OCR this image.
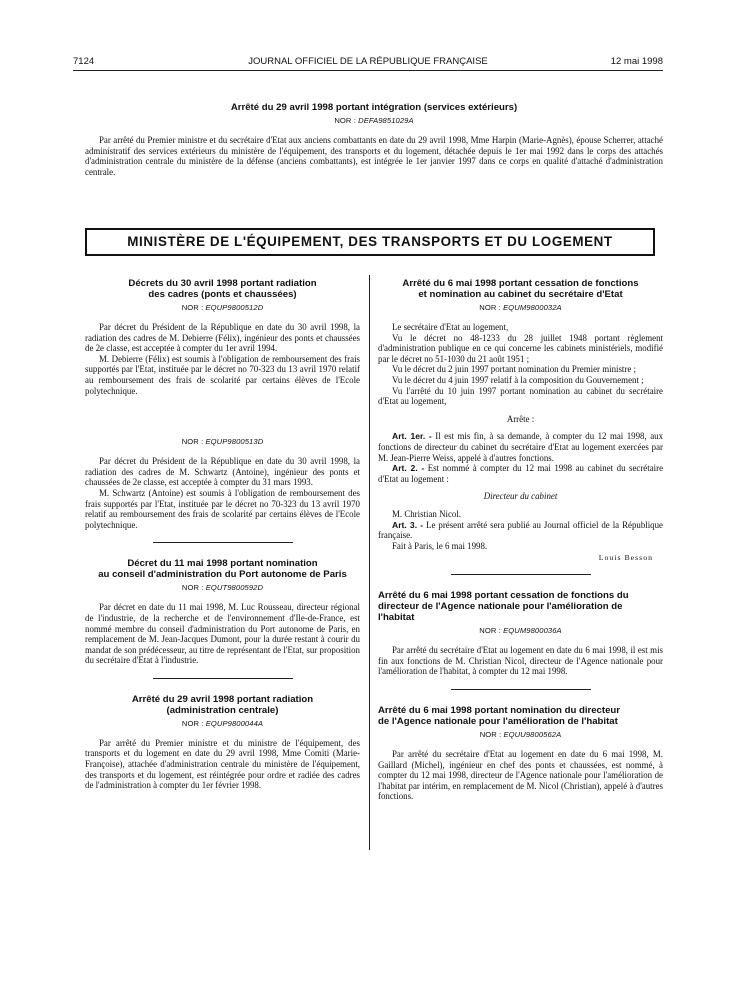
7124	JOURNAL OFFICIEL DE LA RÉPUBLIQUE FRANÇAISE	12 mai 1998
Arrêté du 29 avril 1998 portant intégration (services extérieurs)
NOR : DEFA9851029A

Par arrêté du Premier ministre et du secrétaire d'Etat aux anciens combattants en date du 29 avril 1998, Mme Harpin (Marie-Agnès), épouse Scherrer, attaché administratif des services extérieurs du ministère de l'équipement, des transports et du logement, détachée depuis le 1er mai 1992 dans le corps des attachés d'administration centrale du ministère de la défense (anciens combattants), est intégrée le 1er janvier 1997 dans ce corps en qualité d'attaché d'administration centrale.

MINISTÈRE DE L'ÉQUIPEMENT, DES TRANSPORTS ET DU LOGEMENT
Décrets du 30 avril 1998 portant radiation
des cadres (ponts et chaussées)
NOR : EQUP9800512D

Par décret du Président de la République en date du 30 avril 1998, la radiation des cadres de M. Debierre (Félix), ingénieur des ponts et chaussées de 2e classe, est acceptée à compter du 1er avril 1994.

M. Debierre (Félix) est soumis à l'obligation de remboursement des frais supportés par l'Etat, instituée par le décret no 70-323 du 13 avril 1970 relatif au remboursement des frais de scolarité par certains élèves de l'Ecole polytechnique.

NOR : EQUP9800513D

Par décret du Président de la République en date du 30 avril 1998, la radiation des cadres de M. Schwartz (Antoine), ingénieur des ponts et chaussées de 2e classe, est acceptée à compter du 31 mars 1993.

M. Schwartz (Antoine) est soumis à l'obligation de remboursement des frais supportés par l'Etat, instituée par le décret no 70-323 du 13 avril 1970 relatif au remboursement des frais de scolarité par certains élèves de l'Ecole polytechnique.

Décret du 11 mai 1998 portant nomination
au conseil d'administration du Port autonome de Paris
NOR : EQUT9800592D

Par décret en date du 11 mai 1998, M. Luc Rousseau, directeur régional de l'industrie, de la recherche et de l'environnement d'Ile-de-France, est nommé membre du conseil d'administration du Port autonome de Paris, en remplacement de M. Jean-Jacques Dumont, pour la durée restant à courir du mandat de son prédécesseur, au titre de représentant de l'Etat, sur proposition du secrétaire d'Etat à l'industrie.

Arrêté du 29 avril 1998 portant radiation
(administration centrale)
NOR : EQUP9800044A

Par arrêté du Premier ministre et du ministre de l'équipement, des transports et du logement en date du 29 avril 1998, Mme Comiti (Marie-Françoise), attachée d'administration centrale du ministère de l'équipement, des transports et du logement, est réintégrée pour ordre et radiée des cadres de l'administration à compter du 1er février 1998.

Arrêté du 6 mai 1998 portant cessation de fonctions
et nomination au cabinet du secrétaire d'Etat
NOR : EQUM9800032A

Le secrétaire d'Etat au logement,

Vu le décret no 48-1233 du 28 juillet 1948 portant règlement d'administration publique en ce qui concerne les cabinets ministériels, modifié par le décret no 51-1030 du 21 août 1951 ;

Vu le décret du 2 juin 1997 portant nomination du Premier ministre ;

Vu le décret du 4 juin 1997 relatif à la composition du Gouvernement ;

Vu l'arrêté du 10 juin 1997 portant nomination au cabinet du secrétaire d'Etat au logement,

Arrête :

Art. 1er. - Il est mis fin, à sa demande, à compter du 12 mai 1998, aux fonctions de directeur du cabinet du secrétaire d'Etat au logement exercées par M. Jean-Pierre Weiss, appelé à d'autres fonctions.

Art. 2. - Est nommé à compter du 12 mai 1998 au cabinet du secrétaire d'Etat au logement :

Directeur du cabinet

M. Christian Nicol.

Art. 3. - Le présent arrêté sera publié au Journal officiel de la République française.

Fait à Paris, le 6 mai 1998.

Louis Besson

Arrêté du 6 mai 1998 portant cessation de fonctions du
directeur de l'Agence nationale pour l'amélioration de
l'habitat
NOR : EQUM9800036A

Par arrêté du secrétaire d'Etat au logement en date du 6 mai 1998, il est mis fin aux fonctions de M. Christian Nicol, directeur de l'Agence nationale pour l'amélioration de l'habitat, à compter du 12 mai 1998.

Arrêté du 6 mai 1998 portant nomination du directeur
de l'Agence nationale pour l'amélioration de l'habitat
NOR : EQUU9800562A

Par arrêté du secrétaire d'Etat au logement en date du 6 mai 1998, M. Gaillard (Michel), ingénieur en chef des ponts et chaussées, est nommé, à compter du 12 mai 1998, directeur de l'Agence nationale pour l'amélioration de l'habitat par intérim, en remplacement de M. Nicol (Christian), appelé à d'autres fonctions.
